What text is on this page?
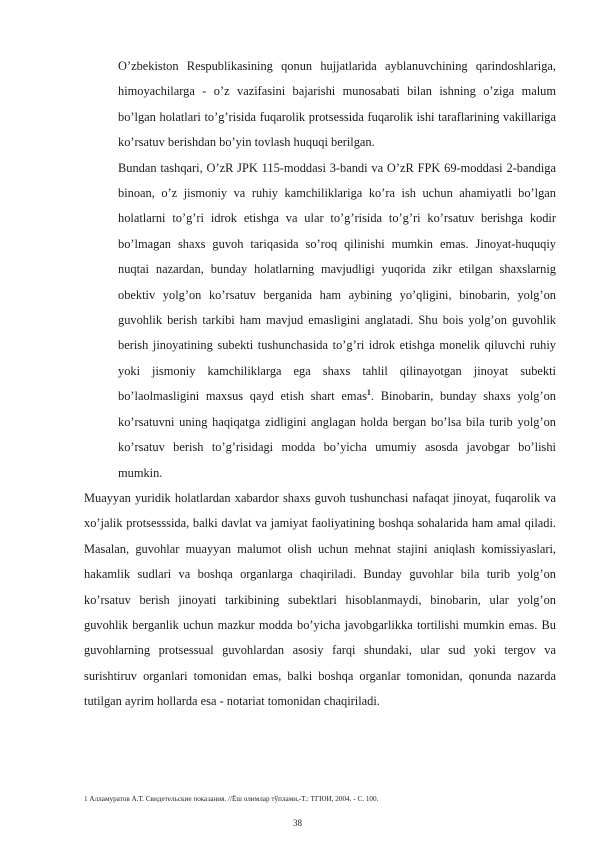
O’zbekiston Respublikasining qonun hujjatlarida ayblanuvchining qarindoshlariga, himoyachilarga - o’z vazifasini bajarishi munosabati bilan ishning o’ziga malum bo’lgan holatlari to’g’risida fuqarolik protsessida fuqarolik ishi taraflarining vakillariga ko’rsatuv berishdan bo’yin tovlash huquqi berilgan.

Bundan tashqari, O’zR JPK 115-moddasi 3-bandi va O’zR FPK 69-moddasi 2-bandiga binoan, o’z jismoniy va ruhiy kamchiliklariga ko’ra ish uchun ahamiyatli bo’lgan holatlarni to’g’ri idrok etishga va ular to’g’risida to’g’ri ko’rsatuv berishga kodir bo’lmagan shaxs guvoh tariqasida so’roq qilinishi mumkin emas. Jinoyat-huquqiy nuqtai nazardan, bunday holatlarning mavjudligi yuqorida zikr etilgan shaxslarnig obektiv yolg’on ko’rsatuv berganida ham aybining yo’qligini, binobarin, yolg’on guvohlik berish tarkibi ham mavjud emasligini anglatadi. Shu bois yolg’on guvohlik berish jinoyatining subekti tushunchasida to’g’ri idrok etishga monelik qiluvchi ruhiy yoki jismoniy kamchiliklarga ega shaxs tahlil qilinayotgan jinoyat subekti bo’laolmasligini maxsus qayd etish shart emas$^1$. Binobarin, bunday shaxs yolg’on ko’rsatuvni uning haqiqatga zidligini anglagan holda bergan bo’lsa bila turib yolg’on ko’rsatuv berish to’g’risidagi modda bo’yicha umumiy asosda javobgar bo’lishi mumkin.

Muayyan yuridik holatlardan xabardor shaxs guvoh tushunchasi nafaqat jinoyat, fuqarolik va xo’jalik protsesssida, balki davlat va jamiyat faoliyatining boshqa sohalarida ham amal qiladi. Masalan, guvohlar muayyan malumot olish uchun mehnat stajini aniqlash komissiyaslari, hakamlik sudlari va boshqa organlarga chaqiriladi. Bunday guvohlar bila turib yolg’on ko’rsatuv berish jinoyati tarkibining subektlari hisoblanmaydi, binobarin, ular yolg’on guvohlik berganlik uchun mazkur modda bo’yicha javobgarlikka tortilishi mumkin emas. Bu guvohlarning protsessual guvohlardan asosiy farqi shundaki, ular sud yoki tergov va surishtiruv organlari tomonidan emas, balki boshqa organlar tomonidan, qonunda nazarda tutilgan ayrim hollarda esa - notariat tomonidan chaqiriladi.

1 Алламуратов А.Т. Свидетельские показания. //Ёш олимлар тўплами,-Т.: ТГЮИ, 2004. - С. 100.
38
